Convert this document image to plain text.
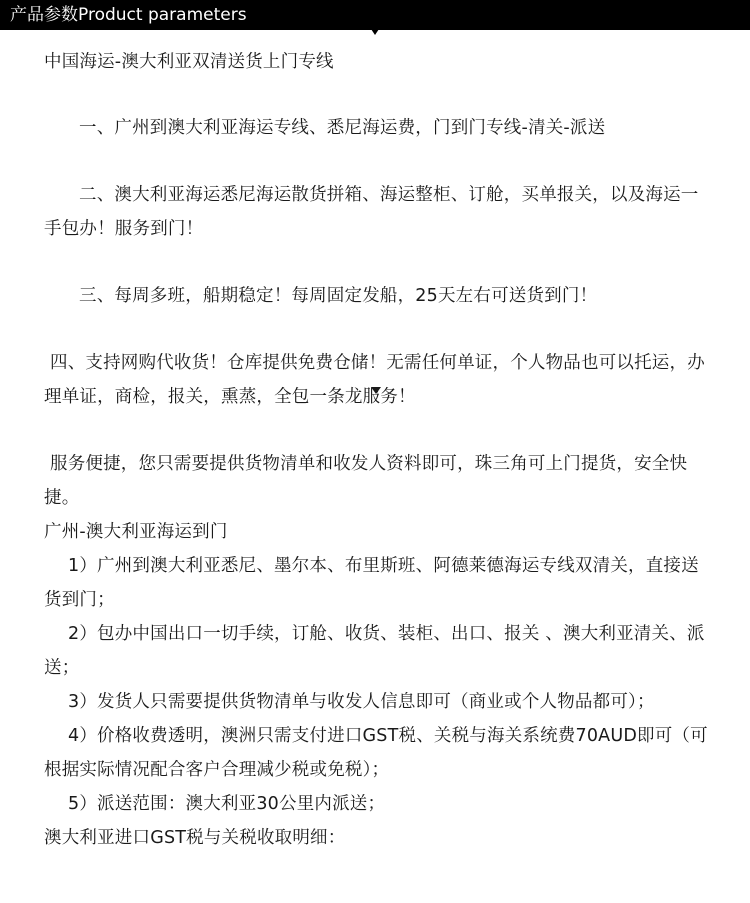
产品参数Product parameters

中国海运-澳大利亚双清送货上门专线

一、广州到澳大利亚海运专线、悉尼海运费，门到门专线-清关-派送

二、澳大利亚海运悉尼海运散货拼箱、海运整柜、订舱，买单报关，以及海运一手包办！服务到门！

三、每周多班，船期稳定！每周固定发船，25天左右可送货到门！

四、支持网购代收货！仓库提供免费仓储！无需任何单证，个人物品也可以托运，办理单证，商检，报关，熏蒸，全包一条龙服务！

服务便捷，您只需要提供货物清单和收发人资料即可，珠三角可上门提货，安全快捷。

广州-澳大利亚海运到门

1）广州到澳大利亚悉尼、墨尔本、布里斯班、阿德莱德海运专线双清关，直接送货到门；

2）包办中国出口一切手续，订舱、收货、装柜、出口、报关 、澳大利亚清关、派送；

3）发货人只需要提供货物清单与收发人信息即可（商业或个人物品都可）；

4）价格收费透明，澳洲只需支付进口GST税、关税与海关系统费70AUD即可（可根据实际情况配合客户合理减少税或免税）；

5）派送范围：澳大利亚30公里内派送；

澳大利亚进口GST税与关税收取明细：
